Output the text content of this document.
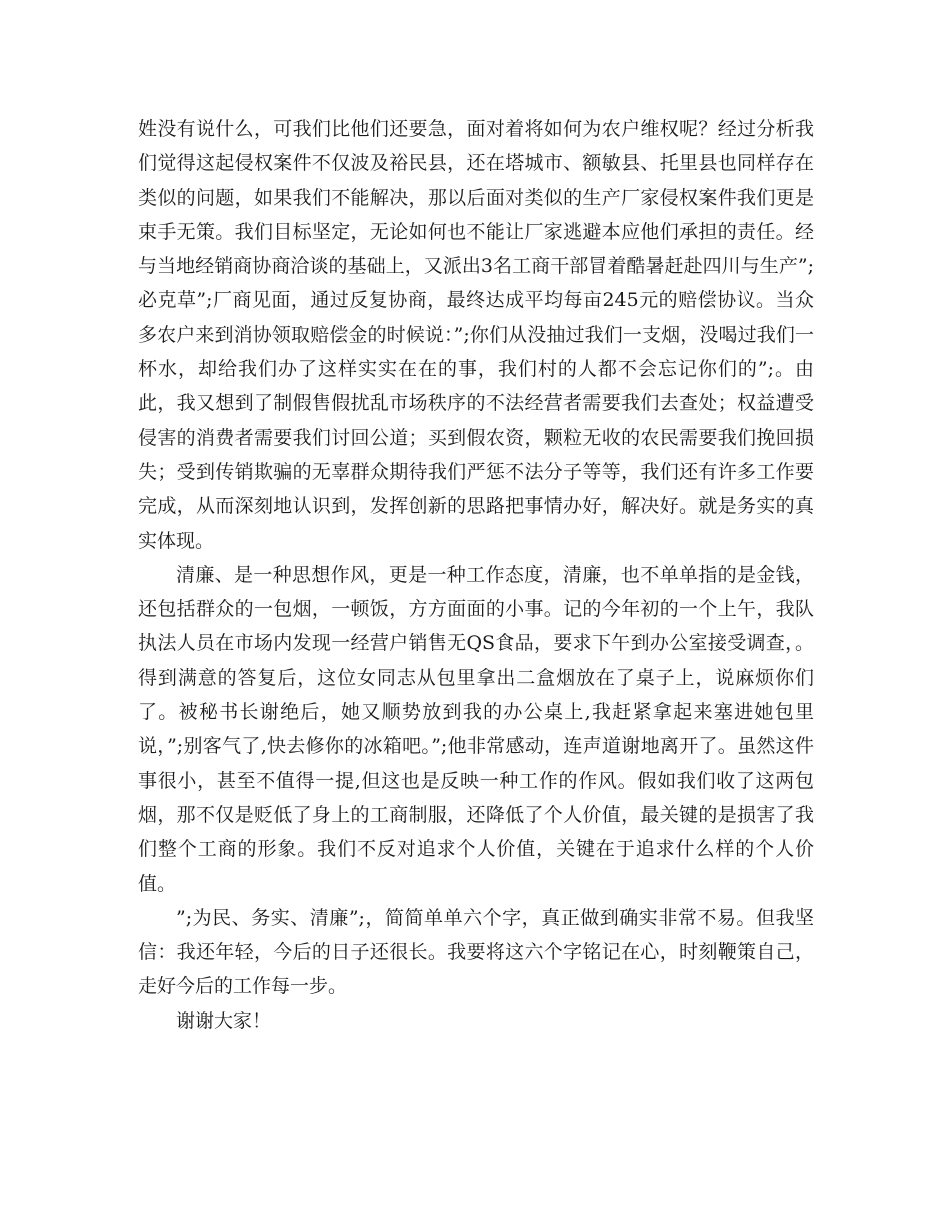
姓没有说什么，可我们比他们还要急，面对着将如何为农户维权呢？经过分析我们觉得这起侵权案件不仅波及裕民县，还在塔城市、额敏县、托里县也同样存在类似的问题，如果我们不能解决，那以后面对类似的生产厂家侵权案件我们更是束手无策。我们目标坚定，无论如何也不能让厂家逃避本应他们承担的责任。经与当地经销商协商洽谈的基础上，又派出3名工商干部冒着酷暑赶赴四川与生产”;必克草”;厂商见面，通过反复协商，最终达成平均每亩245元的赔偿协议。当众多农户来到消协领取赔偿金的时候说：”;你们从没抽过我们一支烟，没喝过我们一杯水，却给我们办了这样实实在在的事，我们村的人都不会忘记你们的”;。由此，我又想到了制假售假扰乱市场秩序的不法经营者需要我们去查处；权益遭受侵害的消费者需要我们讨回公道；买到假农资，颗粒无收的农民需要我们挽回损失；受到传销欺骗的无辜群众期待我们严惩不法分子等等，我们还有许多工作要完成，从而深刻地认识到，发挥创新的思路把事情办好，解决好。就是务实的真实体现。

清廉、是一种思想作风，更是一种工作态度，清廉，也不单单指的是金钱，还包括群众的一包烟，一顿饭，方方面面的小事。记的今年初的一个上午，我队执法人员在市场内发现一经营户销售无QS食品，要求下午到办公室接受调查，。得到满意的答复后，这位女同志从包里拿出二盒烟放在了桌子上，说麻烦你们了。被秘书长谢绝后，她又顺势放到我的办公桌上,我赶紧拿起来塞进她包里说，”;别客气了,快去修你的冰箱吧。”;他非常感动，连声道谢地离开了。虽然这件事很小，甚至不值得一提,但这也是反映一种工作的作风。假如我们收了这两包烟，那不仅是贬低了身上的工商制服，还降低了个人价值，最关键的是损害了我们整个工商的形象。我们不反对追求个人价值，关键在于追求什么样的个人价值。

”;为民、务实、清廉”;，简简单单六个字，真正做到确实非常不易。但我坚信：我还年轻，今后的日子还很长。我要将这六个字铭记在心，时刻鞭策自己，走好今后的工作每一步。

谢谢大家！
